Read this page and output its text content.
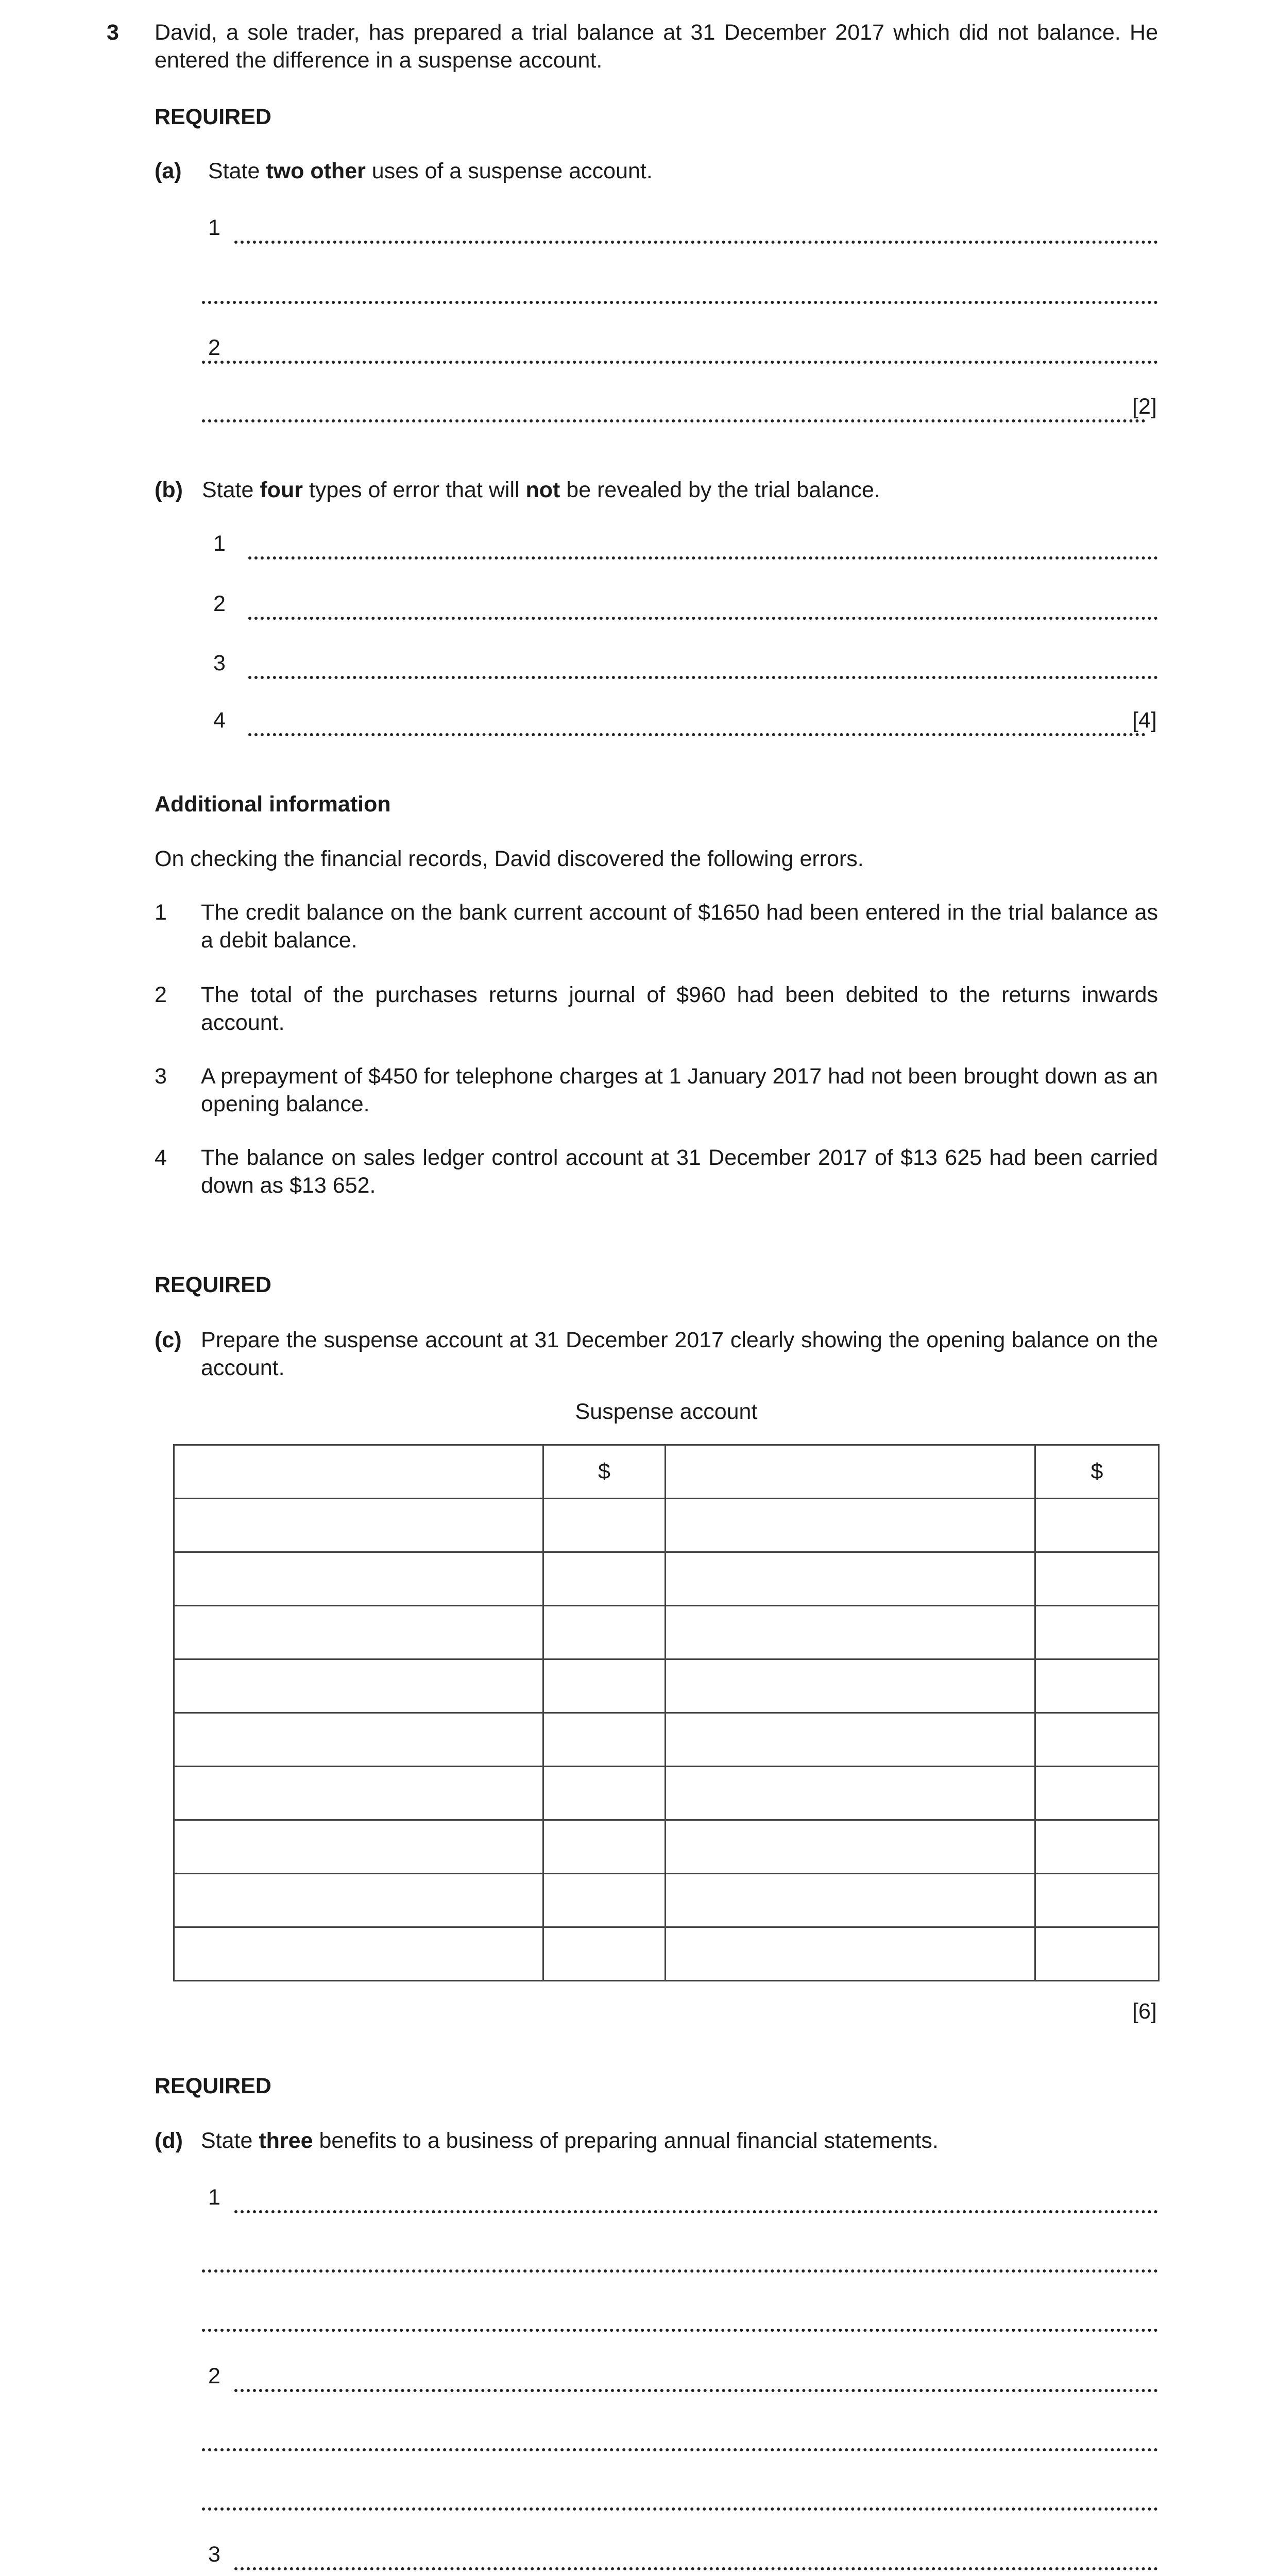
3 David, a sole trader, has prepared a trial balance at 31 December 2017 which did not balance. He entered the difference in a suspense account.
REQUIRED
(a) State two other uses of a suspense account.
1
2
[2]
(b) State four types of error that will not be revealed by the trial balance.
1
2
3
4	[4]
Additional information
On checking the financial records, David discovered the following errors.
1 The credit balance on the bank current account of $1650 had been entered in the trial balance as a debit balance.
2 The total of the purchases returns journal of $960 had been debited to the returns inwards account.
3 A prepayment of $450 for telephone charges at 1 January 2017 had not been brought down as an opening balance.
4 The balance on sales ledger control account at 31 December 2017 of $13 625 had been carried down as $13 652.
REQUIRED
(c) Prepare the suspense account at 31 December 2017 clearly showing the opening balance on the account.
Suspense account
	$		$

[6]
REQUIRED
(d) State three benefits to a business of preparing annual financial statements.
1
2
3
